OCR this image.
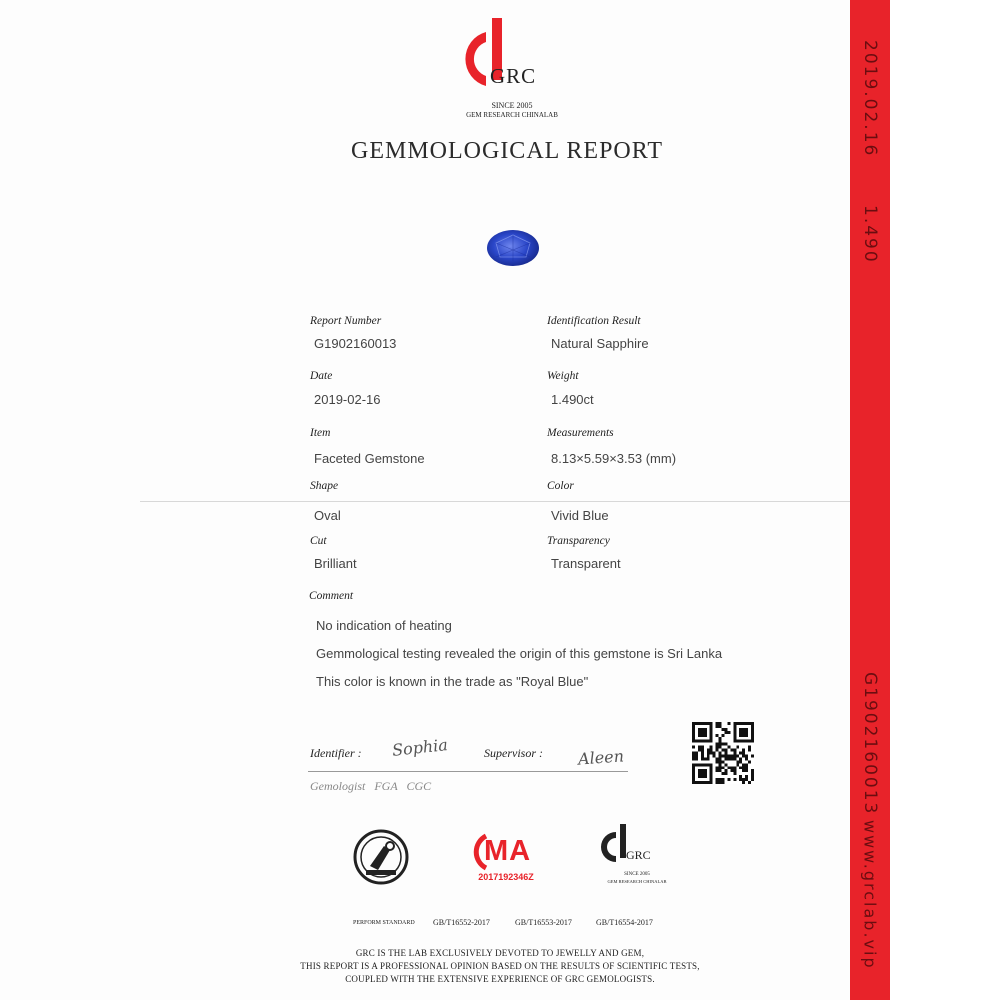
GRC
SINCE 2005
GEM RESEARCH CHINALAB
GEMMOLOGICAL REPORT
Report Number
G1902160013
Identification Result
Natural Sapphire
Date
2019-02-16
Weight
1.490ct
Item
Faceted Gemstone
Measurements
8.13×5.59×3.53 (mm)
Shape
Oval
Color
Vivid Blue
Cut
Brilliant
Transparency
Transparent
Comment
No indication of heating
Gemmological testing revealed the origin of this gemstone is Sri Lanka
This color is known in the trade as "Royal Blue"
Identifier : Sophia	Supervisor : Aleen
Gemologist   FGA   CGC
MA
2017192346Z
GRC
SINCE 2005
GEM RESEARCH CHINALAB
PERFORM STANDARD GB/T16552-2017	GB/T16553-2017	GB/T16554-2017
GRC IS THE LAB EXCLUSIVELY DEVOTED TO JEWELLY AND GEM,
THIS REPORT IS A PROFESSIONAL OPINION BASED ON THE RESULTS OF SCIENTIFIC TESTS,
COUPLED WITH THE EXTENSIVE EXPERIENCE OF GRC GEMOLOGISTS.
2019.02.16
1.490
G1902160013
www.grclab.vip
